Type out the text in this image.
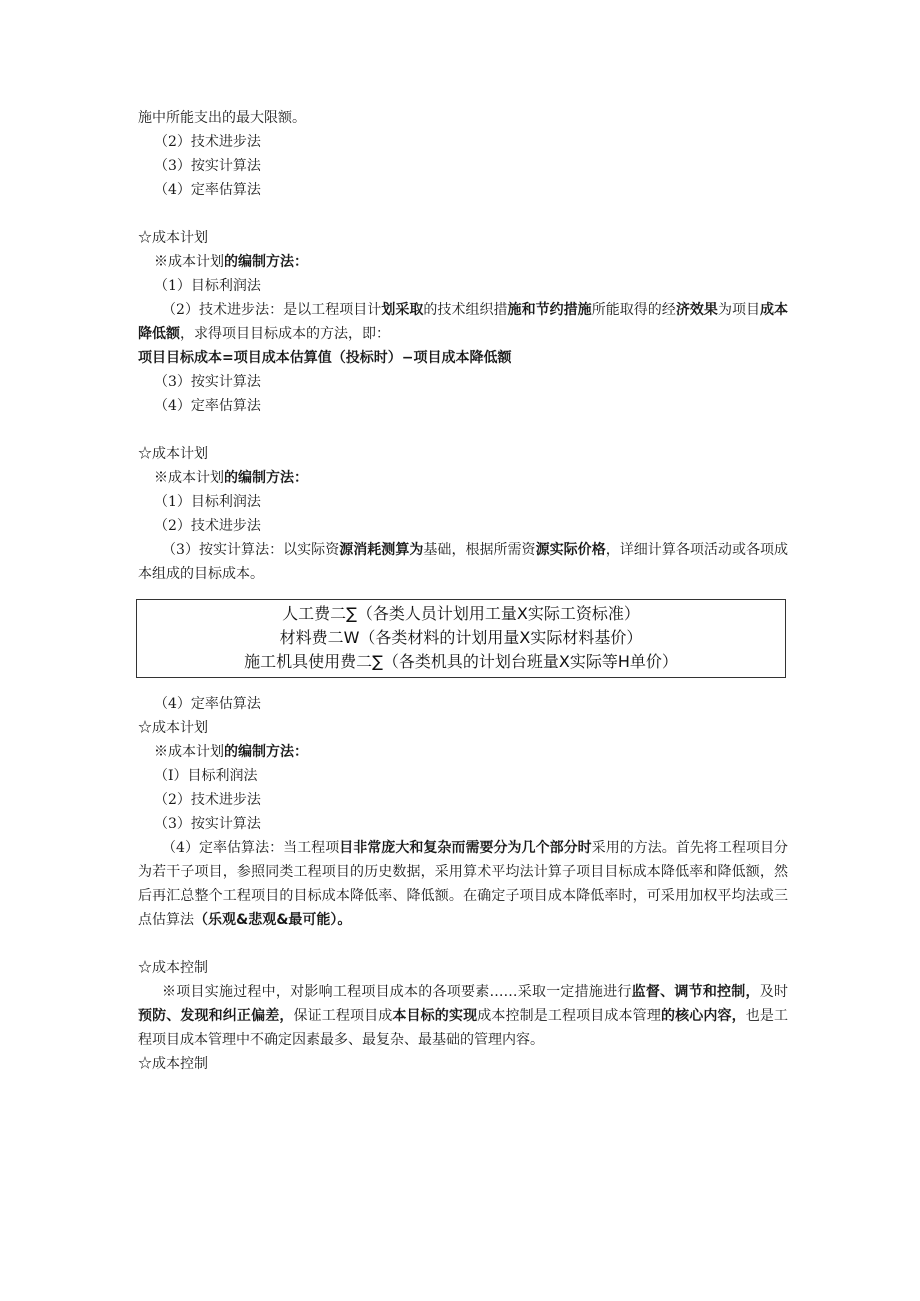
施中所能支出的最大限额。
（2）技术进步法
（3）按实计算法
（4）定率估算法
☆成本计划
※成本计划的编制方法：
（1）目标利润法
（2）技术进步法：是以工程项目计划采取的技术组织措施和节约措施所能取得的经济效果为项目成本降低额，求得项目目标成本的方法，即：
项目目标成本=项目成本估算值（投标时）−项目成本降低额
（3）按实计算法
（4）定率估算法
☆成本计划
※成本计划的编制方法：
（1）目标利润法
（2）技术进步法
（3）按实计算法：以实际资源消耗测算为基础，根据所需资源实际价格，详细计算各项活动或各项成本组成的目标成本。
人工费二∑（各类人员计划用工量X实际工资标准）
材料费二W（各类材料的计划用量X实际材料基价）
施工机具使用费二∑（各类机具的计划台班量X实际等H单价）
（4）定率估算法
☆成本计划
※成本计划的编制方法：
（I）目标利润法
（2）技术进步法
（3）按实计算法
（4）定率估算法：当工程项目非常庞大和复杂而需要分为几个部分时采用的方法。首先将工程项目分为若干子项目，参照同类工程项目的历史数据，采用算术平均法计算子项目目标成本降低率和降低额，然后再汇总整个工程项目的目标成本降低率、降低额。在确定子项目成本降低率时，可采用加权平均法或三点估算法（乐观&悲观&最可能）。
☆成本控制
※项目实施过程中，对影响工程项目成本的各项要素……采取一定措施进行监督、调节和控制，及时预防、发现和纠正偏差，保证工程项目成本目标的实现成本控制是工程项目成本管理的核心内容，也是工程项目成本管理中不确定因素最多、最复杂、最基础的管理内容。
☆成本控制
